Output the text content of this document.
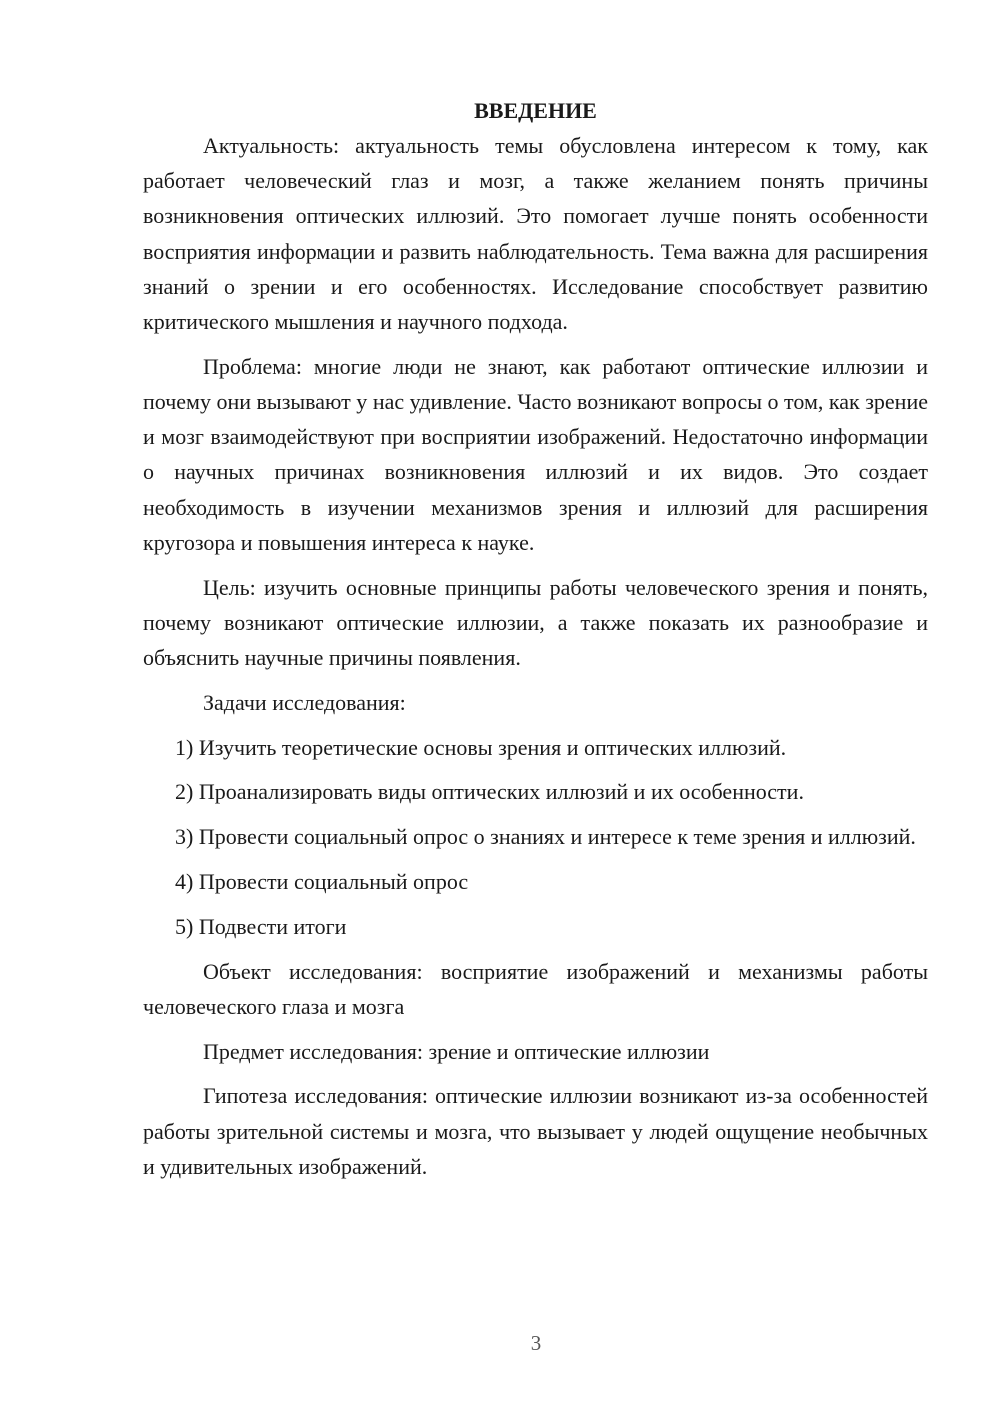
ВВЕДЕНИЕ

Актуальность: актуальность темы обусловлена интересом к тому, как работает человеческий глаз и мозг, а также желанием понять причины возникновения оптических иллюзий. Это помогает лучше понять особенности восприятия информации и развить наблюдательность. Тема важна для расширения знаний о зрении и его особенностях. Исследование способствует развитию критического мышления и научного подхода.

Проблема: многие люди не знают, как работают оптические иллюзии и почему они вызывают у нас удивление. Часто возникают вопросы о том, как зрение и мозг взаимодействуют при восприятии изображений. Недостаточно информации о научных причинах возникновения иллюзий и их видов. Это создает необходимость в изучении механизмов зрения и иллюзий для расширения кругозора и повышения интереса к науке.

Цель: изучить основные принципы работы человеческого зрения и понять, почему возникают оптические иллюзии, а также показать их разнообразие и объяснить научные причины появления.

Задачи исследования:

1) Изучить теоретические основы зрения и оптических иллюзий.

2) Проанализировать виды оптических иллюзий и их особенности.

3) Провести социальный опрос о знаниях и интересе к теме зрения и иллюзий.

4) Провести социальный опрос

5) Подвести итоги

Объект исследования: восприятие изображений и механизмы работы человеческого глаза и мозга

Предмет исследования: зрение и оптические иллюзии

Гипотеза исследования: оптические иллюзии возникают из-за особенностей работы зрительной системы и мозга, что вызывает у людей ощущение необычных и удивительных изображений.

3
